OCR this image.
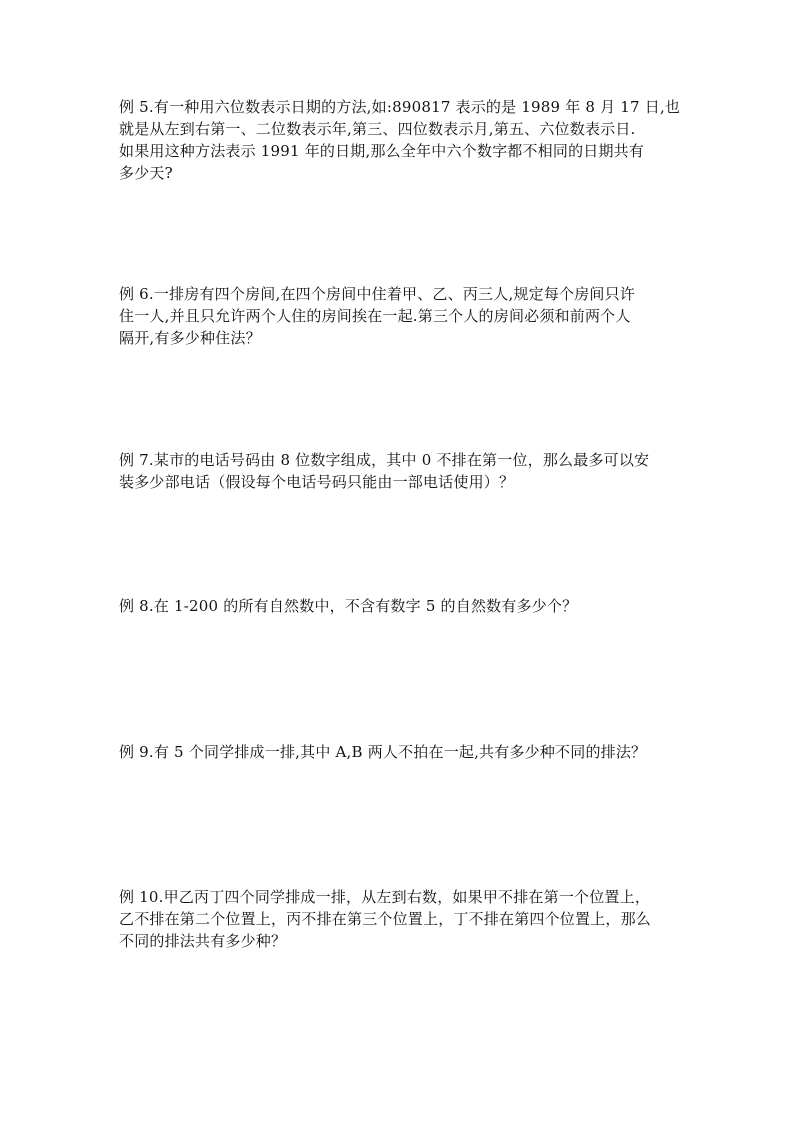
例 5.有一种用六位数表示日期的方法,如:890817 表示的是 1989 年 8 月 17 日,也
就是从左到右第一、二位数表示年,第三、四位数表示月,第五、六位数表示日.
如果用这种方法表示 1991 年的日期,那么全年中六个数字都不相同的日期共有
多少天?
例 6.一排房有四个房间,在四个房间中住着甲、乙、丙三人,规定每个房间只许
住一人,并且只允许两个人住的房间挨在一起.第三个人的房间必须和前两个人
隔开,有多少种住法？
例 7.某市的电话号码由 8 位数字组成，其中 0 不排在第一位，那么最多可以安
装多少部电话（假设每个电话号码只能由一部电话使用）？
例 8.在 1-200 的所有自然数中，不含有数字 5 的自然数有多少个？
例 9.有 5 个同学排成一排,其中 A,B 两人不拍在一起,共有多少种不同的排法？
例 10.甲乙丙丁四个同学排成一排，从左到右数，如果甲不排在第一个位置上，
乙不排在第二个位置上，丙不排在第三个位置上，丁不排在第四个位置上，那么
不同的排法共有多少种？
